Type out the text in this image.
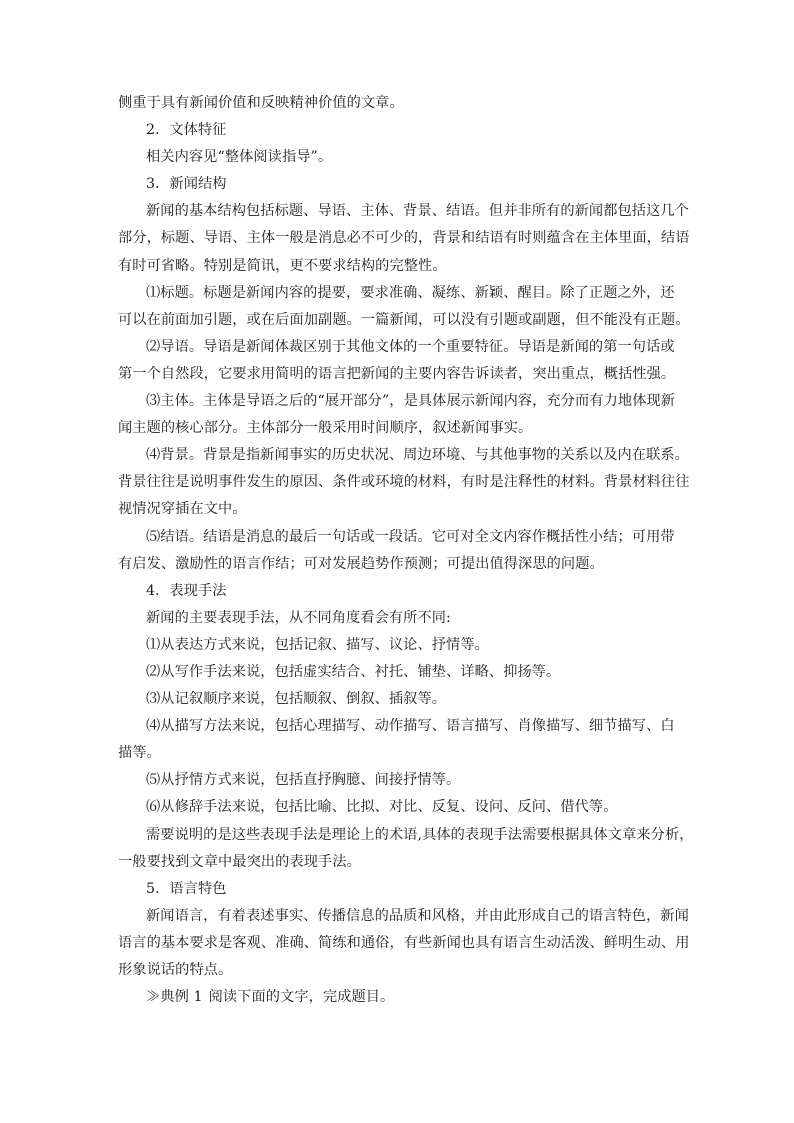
侧重于具有新闻价值和反映精神价值的文章。
2．文体特征
相关内容见“整体阅读指导”。
3．新闻结构
新闻的基本结构包括标题、导语、主体、背景、结语。但并非所有的新闻都包括这几个
部分，标题、导语、主体一般是消息必不可少的，背景和结语有时则蕴含在主体里面，结语
有时可省略。特别是简讯，更不要求结构的完整性。
⑴标题。标题是新闻内容的提要，要求准确、凝练、新颖、醒目。除了正题之外，还
可以在前面加引题，或在后面加副题。一篇新闻，可以没有引题或副题，但不能没有正题。
⑵导语。导语是新闻体裁区别于其他文体的一个重要特征。导语是新闻的第一句话或
第一个自然段，它要求用简明的语言把新闻的主要内容告诉读者，突出重点，概括性强。
⑶主体。主体是导语之后的“展开部分”，是具体展示新闻内容，充分而有力地体现新
闻主题的核心部分。主体部分一般采用时间顺序，叙述新闻事实。
⑷背景。背景是指新闻事实的历史状况、周边环境、与其他事物的关系以及内在联系。
背景往往是说明事件发生的原因、条件或环境的材料，有时是注释性的材料。背景材料往往
视情况穿插在文中。
⑸结语。结语是消息的最后一句话或一段话。它可对全文内容作概括性小结；可用带
有启发、激励性的语言作结；可对发展趋势作预测；可提出值得深思的问题。
4．表现手法
新闻的主要表现手法，从不同角度看会有所不同:
⑴从表达方式来说，包括记叙、描写、议论、抒情等。
⑵从写作手法来说，包括虚实结合、衬托、铺垫、详略、抑扬等。
⑶从记叙顺序来说，包括顺叙、倒叙、插叙等。
⑷从描写方法来说，包括心理描写、动作描写、语言描写、肖像描写、细节描写、白
描等。
⑸从抒情方式来说，包括直抒胸臆、间接抒情等。
⑹从修辞手法来说，包括比喻、比拟、对比、反复、设问、反问、借代等。
需要说明的是这些表现手法是理论上的术语,具体的表现手法需要根据具体文章来分析，
一般要找到文章中最突出的表现手法。
5．语言特色
新闻语言，有着表述事实、传播信息的品质和风格，并由此形成自己的语言特色，新闻
语言的基本要求是客观、准确、简练和通俗，有些新闻也具有语言生动活泼、鲜明生动、用
形象说话的特点。
≫典例 1 阅读下面的文字，完成题目。
